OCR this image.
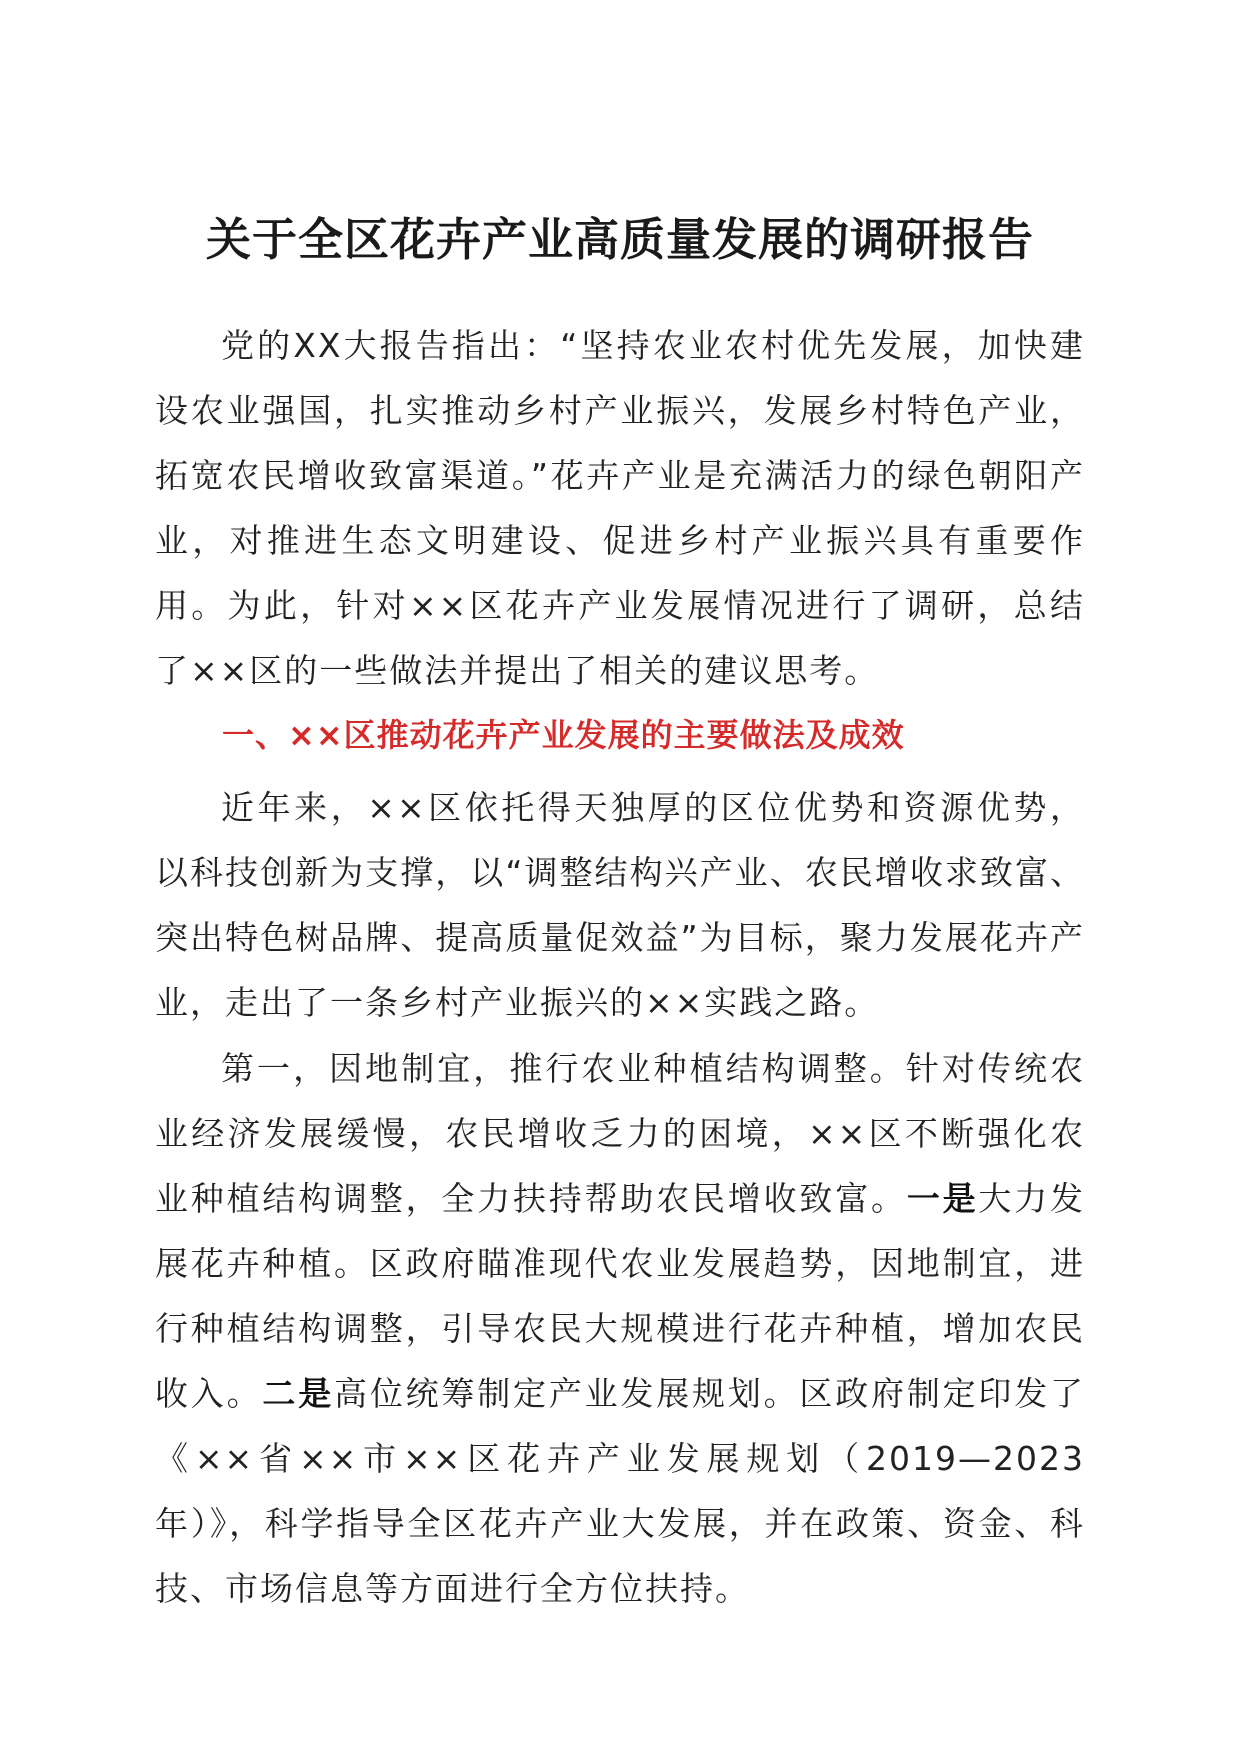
关于全区花卉产业高质量发展的调研报告

党的XX大报告指出：“坚持农业农村优先发展，加快建设农业强国，扎实推动乡村产业振兴，发展乡村特色产业，拓宽农民增收致富渠道。”花卉产业是充满活力的绿色朝阳产业，对推进生态文明建设、促进乡村产业振兴具有重要作用。为此，针对××区花卉产业发展情况进行了调研，总结了××区的一些做法并提出了相关的建议思考。

一、××区推动花卉产业发展的主要做法及成效

近年来，××区依托得天独厚的区位优势和资源优势，以科技创新为支撑，以“调整结构兴产业、农民增收求致富、突出特色树品牌、提高质量促效益”为目标，聚力发展花卉产业，走出了一条乡村产业振兴的××实践之路。

第一，因地制宜，推行农业种植结构调整。针对传统农业经济发展缓慢，农民增收乏力的困境，××区不断强化农业种植结构调整，全力扶持帮助农民增收致富。一是大力发展花卉种植。区政府瞄准现代农业发展趋势，因地制宜，进行种植结构调整，引导农民大规模进行花卉种植，增加农民收入。二是高位统筹制定产业发展规划。区政府制定印发了《××省××市××区花卉产业发展规划（2019—2023年）》，科学指导全区花卉产业大发展，并在政策、资金、科技、市场信息等方面进行全方位扶持。
